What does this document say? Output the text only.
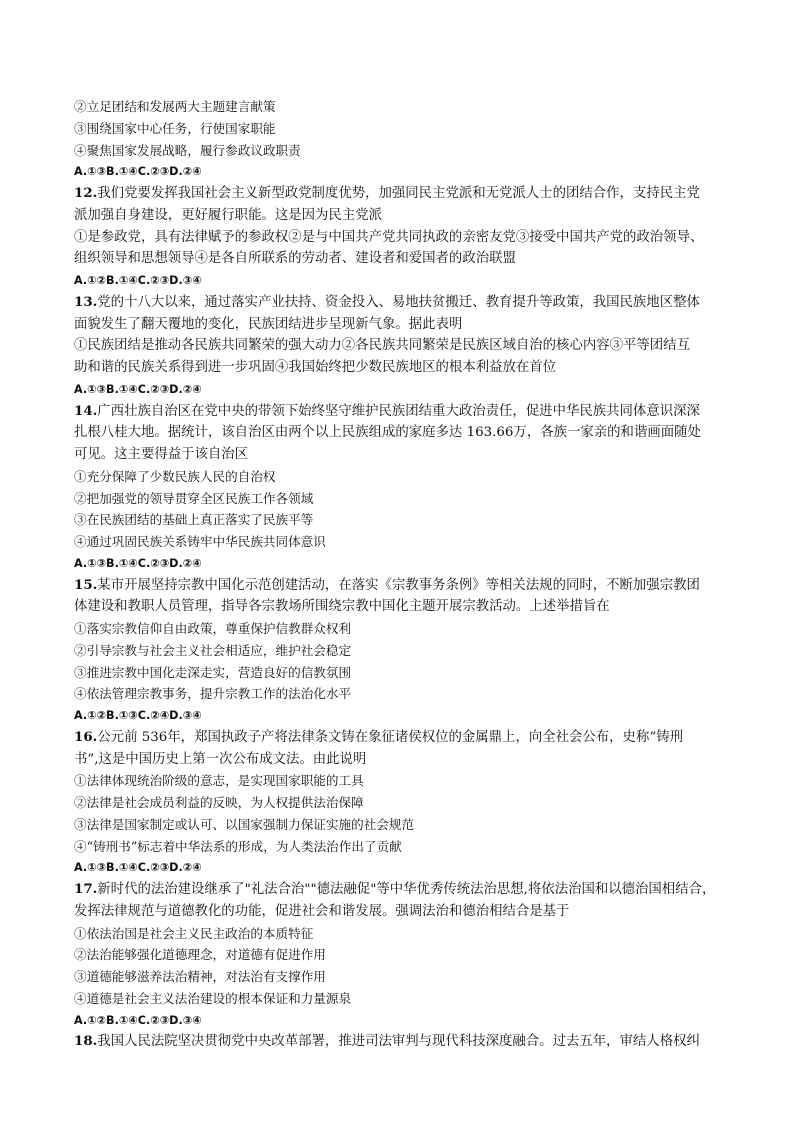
②立足团结和发展两大主题建言献策
③围绕国家中心任务，行使国家职能
④聚焦国家发展战略，履行参政议政职责
A.①③B.①④C.②③D.②④
12.我们党要发挥我国社会主义新型政党制度优势，加强同民主党派和无党派人士的团结合作，支持民主党
派加强自身建设，更好履行职能。这是因为民主党派
①是参政党，具有法律赋予的参政权②是与中国共产党共同执政的亲密友党③接受中国共产党的政治领导、
组织领导和思想领导④是各自所联系的劳动者、建设者和爱国者的政治联盟
A.①②B.①④C.②③D.③④
13.党的十八大以来，通过落实产业扶持、资金投入、易地扶贫搬迁、教育提升等政策，我国民族地区整体
面貌发生了翻天覆地的变化，民族团结进步呈现新气象。据此表明
①民族团结是推动各民族共同繁荣的强大动力②各民族共同繁荣是民族区域自治的核心内容③平等团结互
助和谐的民族关系得到进一步巩固④我国始终把少数民族地区的根本利益放在首位
A.①③B.①④C.②③D.②④
14.广西壮族自治区在党中央的带领下始终坚守维护民族团结重大政治责任，促进中华民族共同体意识深深
扎根八桂大地。据统计，该自治区由两个以上民族组成的家庭多达 163.66万，各族一家亲的和谐画面随处
可见。这主要得益于该自治区
①充分保障了少数民族人民的自治权
②把加强党的领导贯穿全区民族工作各领域
③在民族团结的基础上真正落实了民族平等
④通过巩固民族关系铸牢中华民族共同体意识
A.①③B.①④C.②③D.②④
15.某市开展坚持宗教中国化示范创建活动，在落实《宗教事务条例》等相关法规的同时，不断加强宗教团
体建设和教职人员管理，指导各宗教场所围绕宗教中国化主题开展宗教活动。上述举措旨在
①落实宗教信仰自由政策，尊重保护信教群众权利
②引导宗教与社会主义社会相适应，维护社会稳定
③推进宗教中国化走深走实，营造良好的信教氛围
④依法管理宗教事务，提升宗教工作的法治化水平
A.①②B.①③C.②④D.③④
16.公元前 536年，郑国执政子产将法律条文铸在象征诸侯权位的金属鼎上，向全社会公布，史称“铸刑
书”,这是中国历史上第一次公布成文法。由此说明
①法律体现统治阶级的意志，是实现国家职能的工具
②法律是社会成员利益的反映，为人权提供法治保障
③法律是国家制定或认可、以国家强制力保证实施的社会规范
④“铸刑书”标志着中华法系的形成，为人类法治作出了贡献
A.①③B.①④C.②③D.②④
17.新时代的法治建设继承了"礼法合治""德法融促"等中华优秀传统法治思想,将依法治国和以德治国相结合，
发挥法律规范与道德教化的功能，促进社会和谐发展。强调法治和德治相结合是基于
①依法治国是社会主义民主政治的本质特征
②法治能够强化道德理念，对道德有促进作用
③道德能够滋养法治精神，对法治有支撑作用
④道德是社会主义法治建设的根本保证和力量源泉
A.①②B.①④C.②③D.③④
18.我国人民法院坚决贯彻党中央改革部署，推进司法审判与现代科技深度融合。过去五年，审结人格权纠
